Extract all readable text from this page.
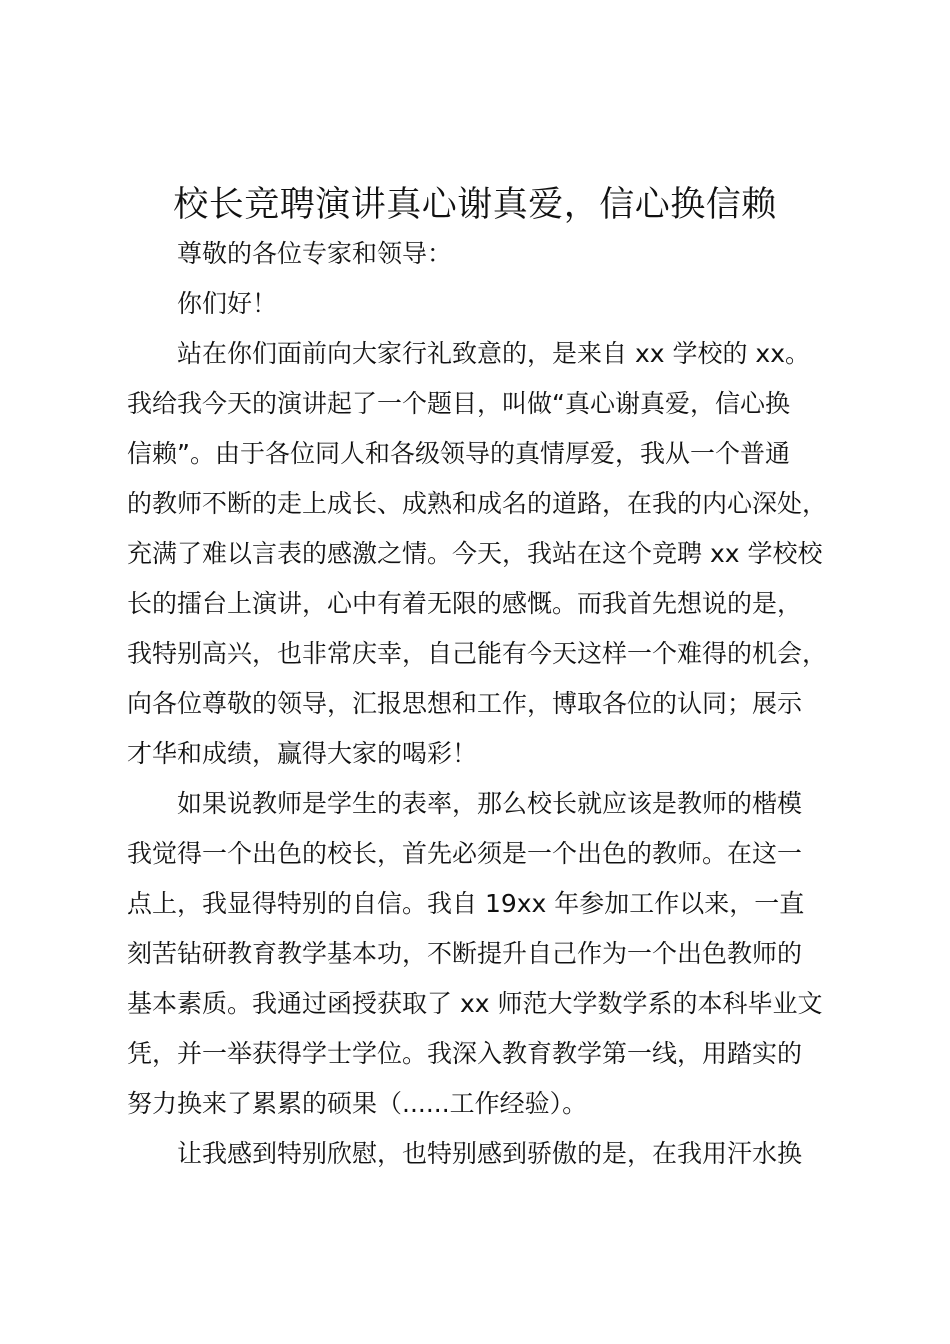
校长竞聘演讲真心谢真爱，信心换信赖

尊敬的各位专家和领导：

你们好！

站在你们面前向大家行礼致意的，是来自 xx 学校的 xx。

我给我今天的演讲起了一个题目，叫做“真心谢真爱，信心换

信赖”。由于各位同人和各级领导的真情厚爱，我从一个普通

的教师不断的走上成长、成熟和成名的道路，在我的内心深处，

充满了难以言表的感激之情。今天，我站在这个竞聘 xx 学校校

长的擂台上演讲，心中有着无限的感慨。而我首先想说的是，

我特别高兴，也非常庆幸，自己能有今天这样一个难得的机会，

向各位尊敬的领导，汇报思想和工作，博取各位的认同；展示

才华和成绩，赢得大家的喝彩！

如果说教师是学生的表率，那么校长就应该是教师的楷模

我觉得一个出色的校长，首先必须是一个出色的教师。在这一

点上，我显得特别的自信。我自 19xx 年参加工作以来，一直

刻苦钻研教育教学基本功，不断提升自己作为一个出色教师的

基本素质。我通过函授获取了 xx 师范大学数学系的本科毕业文

凭，并一举获得学士学位。我深入教育教学第一线，用踏实的

努力换来了累累的硕果（......工作经验）。

让我感到特别欣慰，也特别感到骄傲的是，在我用汗水换
